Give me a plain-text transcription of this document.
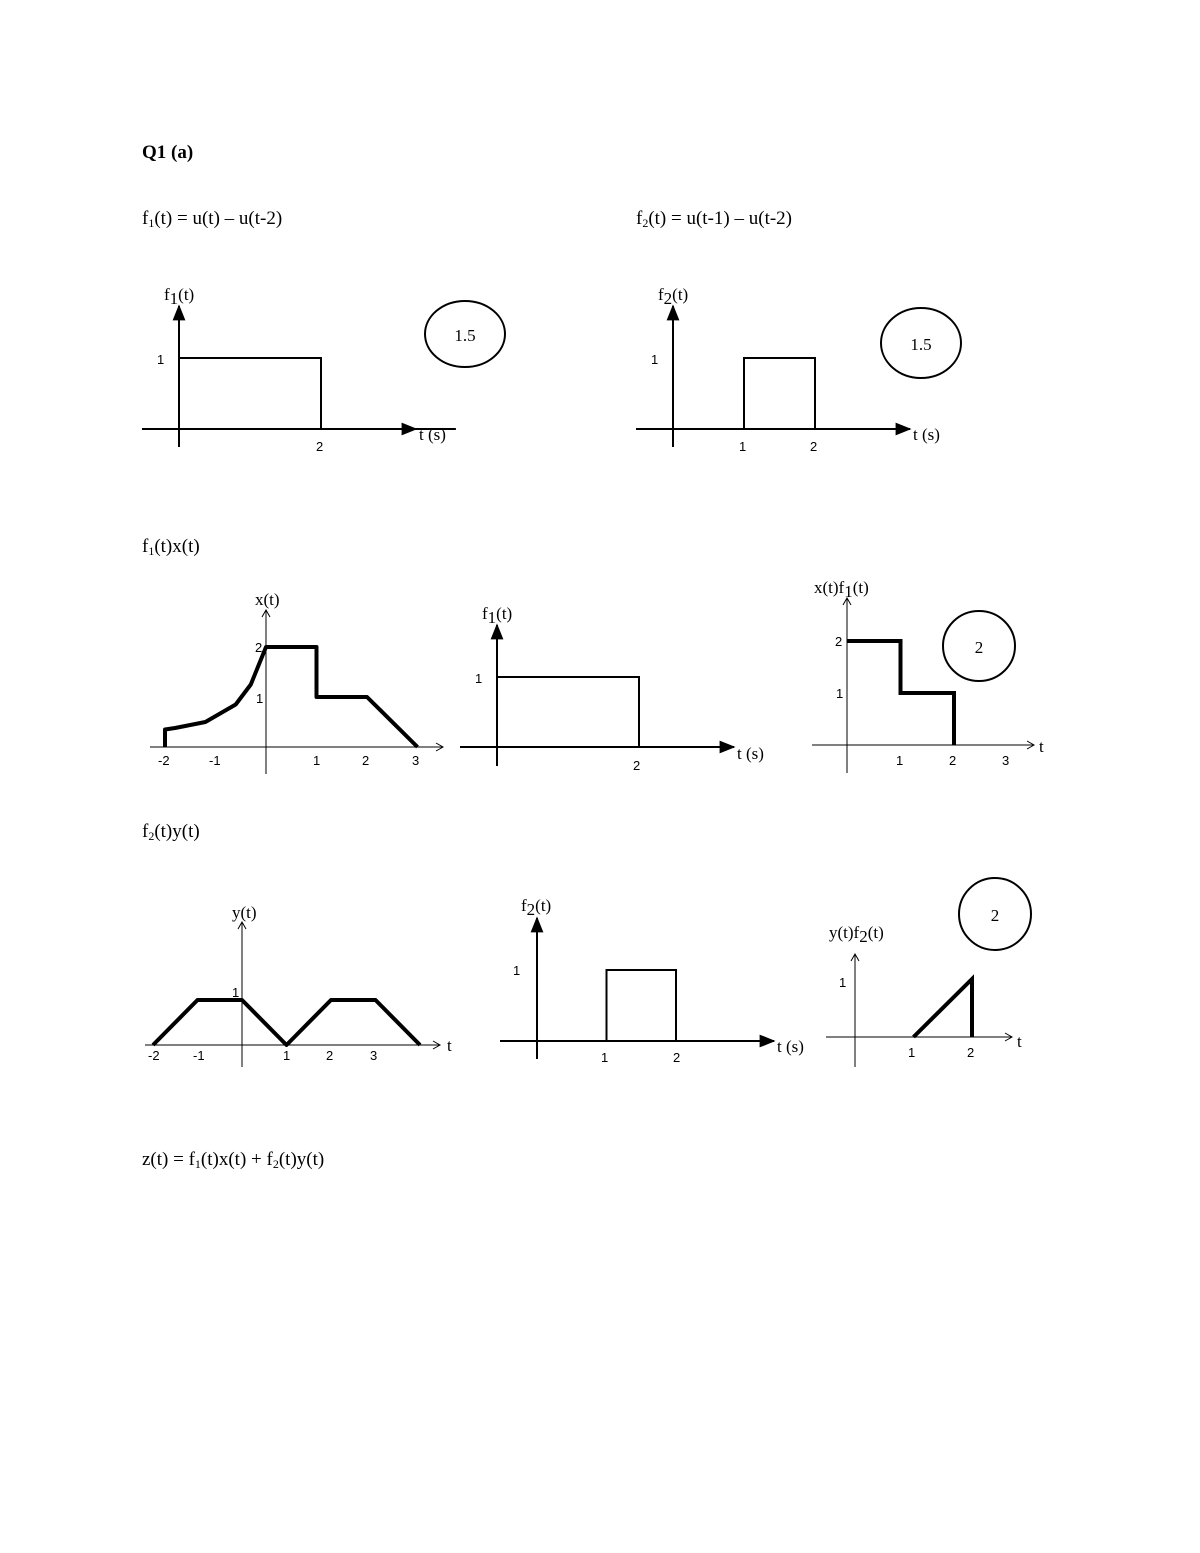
Q1 (a)
$f_1(t) = u(t) - u(t-2)$	$f_2(t) = u(t-1) - u(t-2)$
$f_1(t)x(t)$
$f_2(t)y(t)$
$z(t) = f_1(t)x(t) + f_2(t)y(t)$
f1(t)
t (s)
1
2
1.5
f2(t)
t (s)
1
1	2
1.5
x(t)
-2	-1	1	2	3
2
1
f1(t)
t (s)
1
2
x(t)f1(t)
t
2
1
1	2	3
2
y(t)
t
1
-2	-1	1	2	3
f2(t)
t (s)
1
1	2
y(t)f2(t)
t
1
1	2
2
